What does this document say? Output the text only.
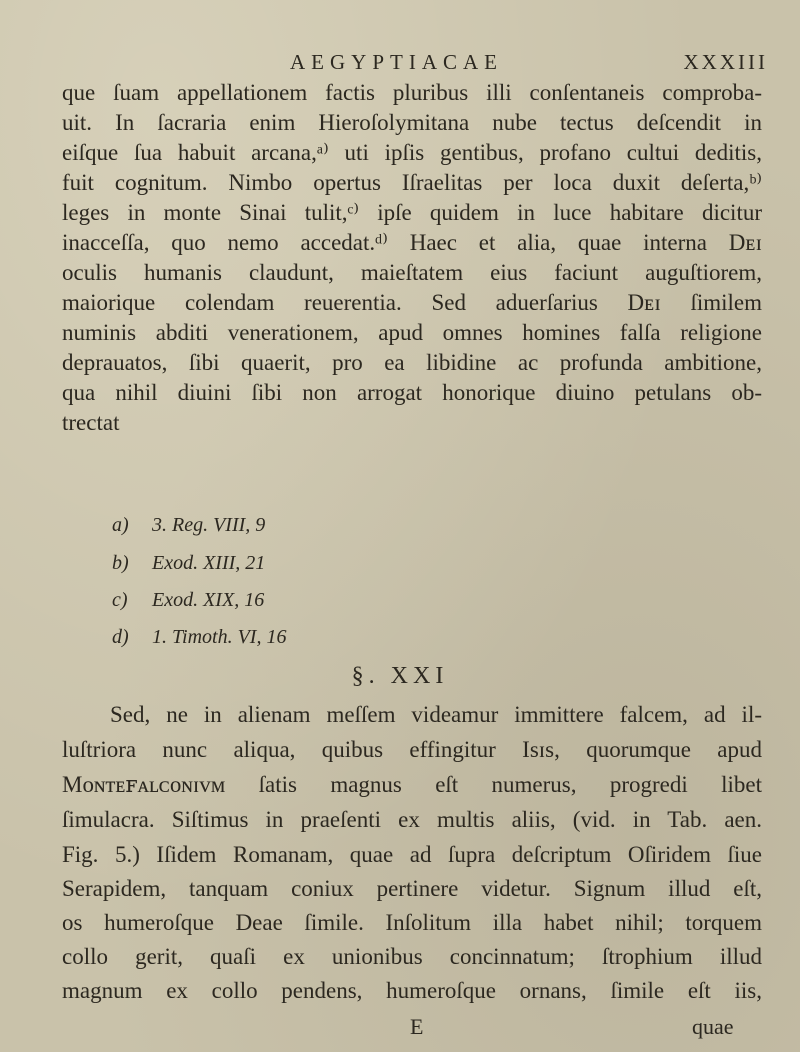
AEGYPTIACAE	XXXIII
que ſuam appellationem factis pluribus illi conſentaneis comproba-
uit. In ſacraria enim Hieroſolymitana nube tectus deſcendit in
eiſque ſua habuit arcana,ᵃ⁾ uti ipſis gentibus, profano cultui deditis,
fuit cognitum. Nimbo opertus Iſraelitas per loca duxit deſerta,ᵇ⁾
leges in monte Sinai tulit,ᶜ⁾ ipſe quidem in luce habitare dicitur
inacceſſa, quo nemo accedat.ᵈ⁾ Haec et alia, quae interna Dᴇɪ
oculis humanis claudunt, maieſtatem eius faciunt auguſtiorem,
maiorique colendam reuerentia. Sed aduerſarius Dᴇɪ ſimilem
numinis abditi venerationem, apud omnes homines falſa religione
deprauatos, ſibi quaerit, pro ea libidine ac profunda ambitione,
qua nihil diuini ſibi non arrogat honorique diuino petulans ob-
trectat
a) 3. Reg. VIII, 9
b) Exod. XIII, 21
c) Exod. XIX, 16
d) 1. Timoth. VI, 16
§. XXI
Sed, ne in alienam meſſem videamur immittere falcem, ad il-
luſtriora nunc aliqua, quibus effingitur Iѕɪѕ, quorumque apud
Mᴏɴᴛᴇꜰᴀʟᴄᴏɴɪᴠᴍ ſatis magnus eſt numerus, progredi libet
ſimulacra. Siſtimus in praeſenti ex multis aliis, (vid. in Tab. aen.
Fig. 5.) Iſidem Romanam, quae ad ſupra deſcriptum Oſiridem ſiue
Serapidem, tanquam coniux pertinere videtur. Signum illud eſt,
os humeroſque Deae ſimile. Inſolitum illa habet nihil; torquem
collo gerit, quaſi ex unionibus concinnatum; ſtrophium illud
magnum ex collo pendens, humeroſque ornans, ſimile eſt iis,
E	quae
